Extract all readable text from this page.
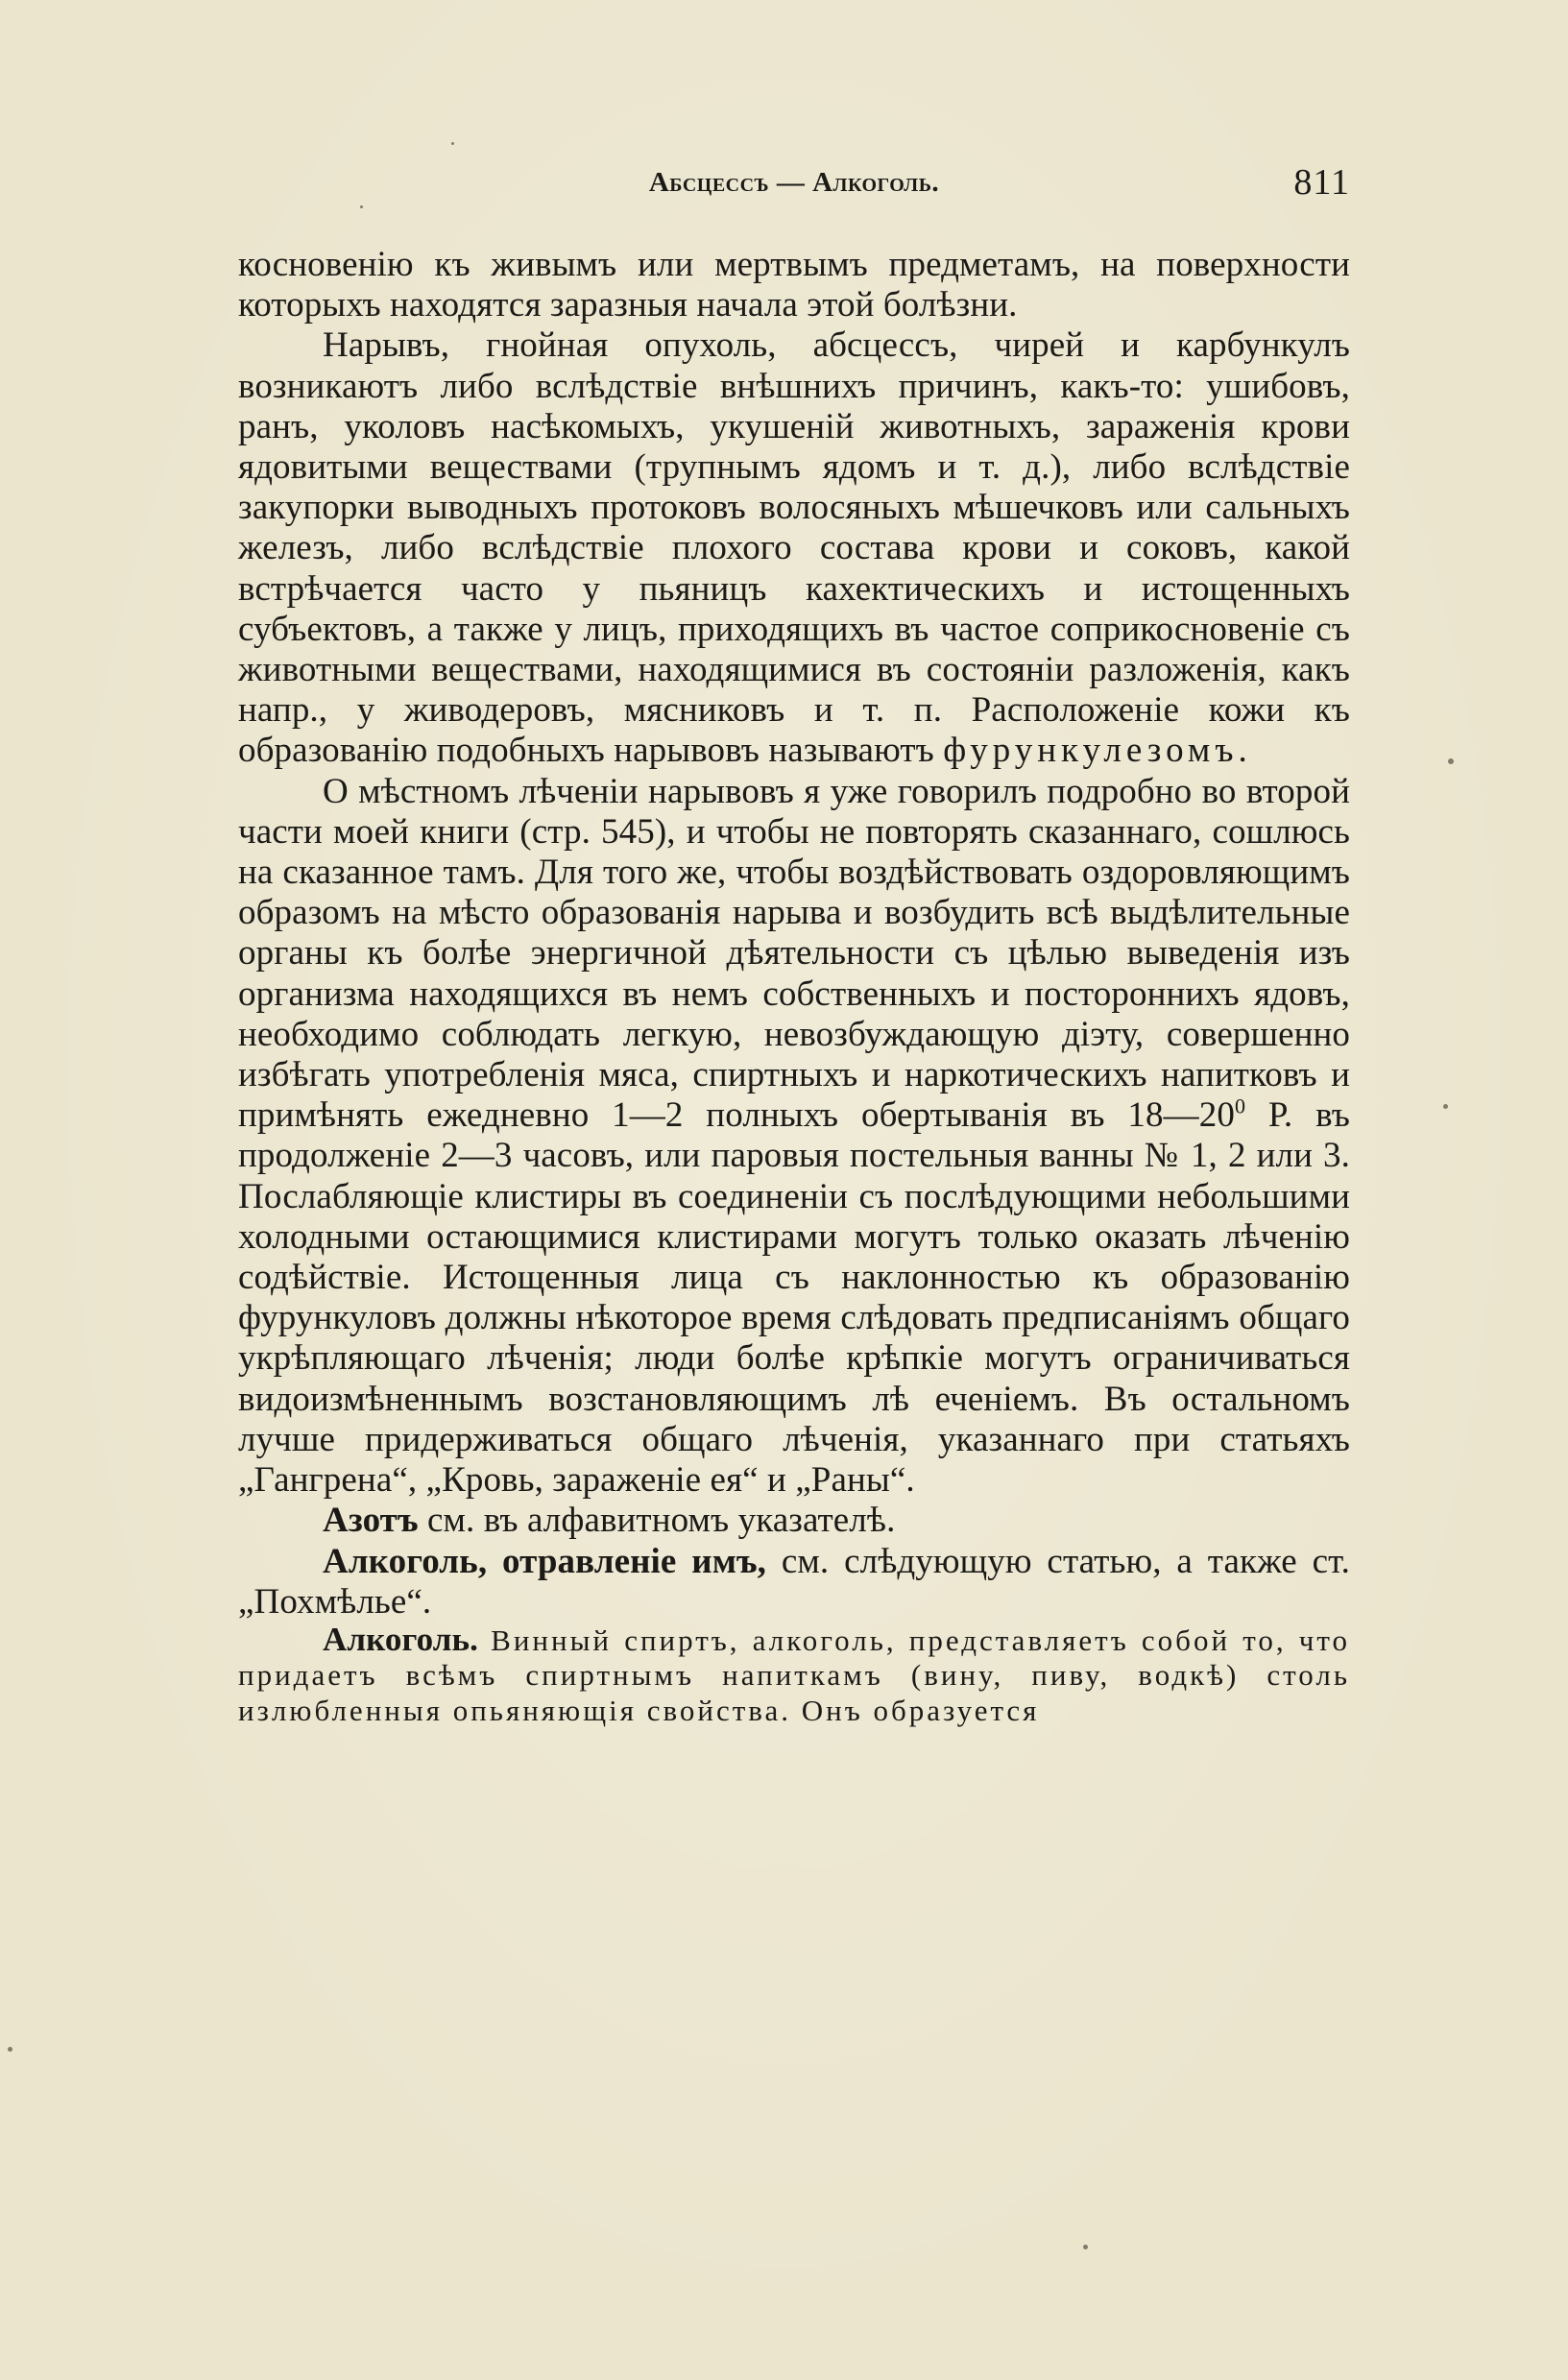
Абсцессъ — Алкоголь.	811

косновенiю къ живымъ или мертвымъ предметамъ, на поверхности которыхъ находятся заразныя начала этой болѣзни.

Нарывъ, гнойная опухоль, абсцессъ, чирей и карбункулъ возникаютъ либо вслѣдствiе внѣшнихъ причинъ, какъ-то: ушибовъ, ранъ, уколовъ насѣкомыхъ, укушенiй животныхъ, зараженiя крови ядовитыми веществами (трупнымъ ядомъ и т. д.), либо вслѣдствiе закупорки выводныхъ протоковъ волосяныхъ мѣшечковъ или сальныхъ железъ, либо вслѣдствiе плохого состава крови и соковъ, какой встрѣчается часто у пьяницъ кахектическихъ и истощенныхъ субъектовъ, а также у лицъ, приходящихъ въ частое соприкосновенiе съ животными веществами, находящимися въ состоянiи разложенiя, какъ напр., у живодеровъ, мясниковъ и т. п. Расположенiе кожи къ образованiю подобныхъ нарывовъ называютъ фурункулезомъ.

О мѣстномъ лѣченiи нарывовъ я уже говорилъ подробно во второй части моей книги (стр. 545), и чтобы не повторять сказаннаго, сошлюсь на сказанное тамъ. Для того же, чтобы воздѣйствовать оздоровляющимъ образомъ на мѣсто образованiя нарыва и возбудить всѣ выдѣлительные органы къ болѣе энергичной дѣятельности съ цѣлью выведенiя изъ организма находящихся въ немъ собственныхъ и постороннихъ ядовъ, необходимо соблюдать легкую, невозбуждающую дiэту, совершенно избѣгать употребленiя мяса, спиртныхъ и наркотическихъ напитковъ и примѣнять ежедневно 1—2 полныхъ обертыванiя въ $18—20^0$ Р. въ продолженiе 2—3 часовъ, или паровыя постельныя ванны № 1, 2 или 3. Послабляющiе клистиры въ соединенiи съ послѣдующими небольшими холодными остающимися клистирами могутъ только оказать лѣченiю содѣйствiе. Истощенныя лица съ наклонностью къ образованiю фурункуловъ должны нѣкоторое время слѣдовать предписанiямъ общаго укрѣпляющаго лѣченiя; люди болѣе крѣпкiе могутъ ограничиваться видоизмѣненнымъ возстановляющимъ лѣ еченiемъ. Въ остальномъ лучше придерживаться общаго лѣченiя, указаннаго при статьяхъ „Гангрена“, „Кровь, зараженiе ея“ и „Раны“.

Азотъ см. въ алфавитномъ указателѣ.

Алкоголь, отравленiе имъ, см. слѣдующую статью, а также ст. „Похмѣлье“.

Алкоголь. Винный спиртъ, алкоголь, представляетъ собой то, что придаетъ всѣмъ спиртнымъ напиткамъ (вину, пиву, водкѣ) столь излюбленныя опьяняющiя свойства. Онъ образуется
